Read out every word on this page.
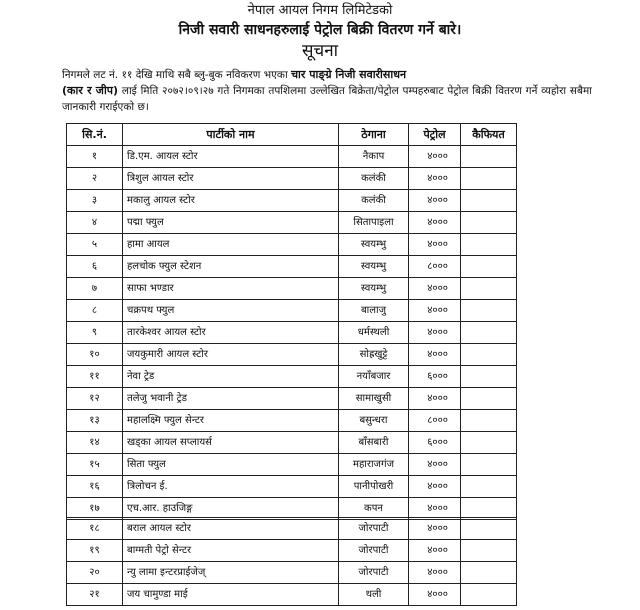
नेपाल आयल निगम लिमिटेडको
निजी सवारी साधनहरुलाई पेट्रोल बिक्री वितरण गर्ने बारे।
सूचना
निगमले लट नं. ११ देखि माथि सबै ब्लु-बुक नविकरण भएका चार पाङ्ग्रे निजी सवारीसाधन
(कार र जीप) लाई मिति २०७२।०९।२७ गते निगमका तपशिलमा उल्लेखित बिक्रेता/पेट्रोल पम्पहरुबाट पेट्रोल बिक्री वितरण गर्ने व्यहोरा सबैमा जानकारी गराईएको छ।
सि.नं.	पार्टीको नाम	ठेगाना	पेट्रोल	कैफियत
१	डि.एम. आयल स्टोर	नैकाप	४०००	
२	त्रिशुल आयल स्टोर	कलंकी	४०००	
३	मकालु आयल स्टोर	कलंकी	४०००	
४	पद्मा फ्युल	सितापाइला	४०००	
५	हामा आयल	स्वयम्भु	४०००	
६	हलचोक फ्युल स्टेशन	स्वयम्भु	८०००	
७	साफा भण्डार	स्वयम्भु	४०००	
८	चक्रपथ फ्युल	बालाजु	४०००	
९	तारकेश्वर आयल स्टोर	धर्मस्थली	४०००	
१०	जयकुमारी आयल स्टोर	सोह्रखुट्टे	४०००	
११	नेवा ट्रेड	नयाँबजार	६०००	
१२	तलेजु भवानी ट्रेड	सामाखुसी	४०००	
१३	महालक्ष्मि फ्युल सेन्टर	बसुन्धरा	८०००	
१४	खड्का आयल सप्लायर्स	बाँसबारी	६०००	
१५	सिता फ्युल	महाराजगंज	४०००	
१६	त्रिलोचन ई.	पानीपोखरी	४०००	
१७	एच.आर. हाउजिङ्ग	कपन	४०००	
१८	बराल आयल स्टोर	जोरपाटी	४०००	
१९	बाग्मती पेट्रो सेन्टर	जोरपाटी	४०००	
२०	न्यु लामा इन्टरप्राईजेज्	जोरपाटी	४०००	
२१	जय चामुण्डा माई	थली	४०००	
